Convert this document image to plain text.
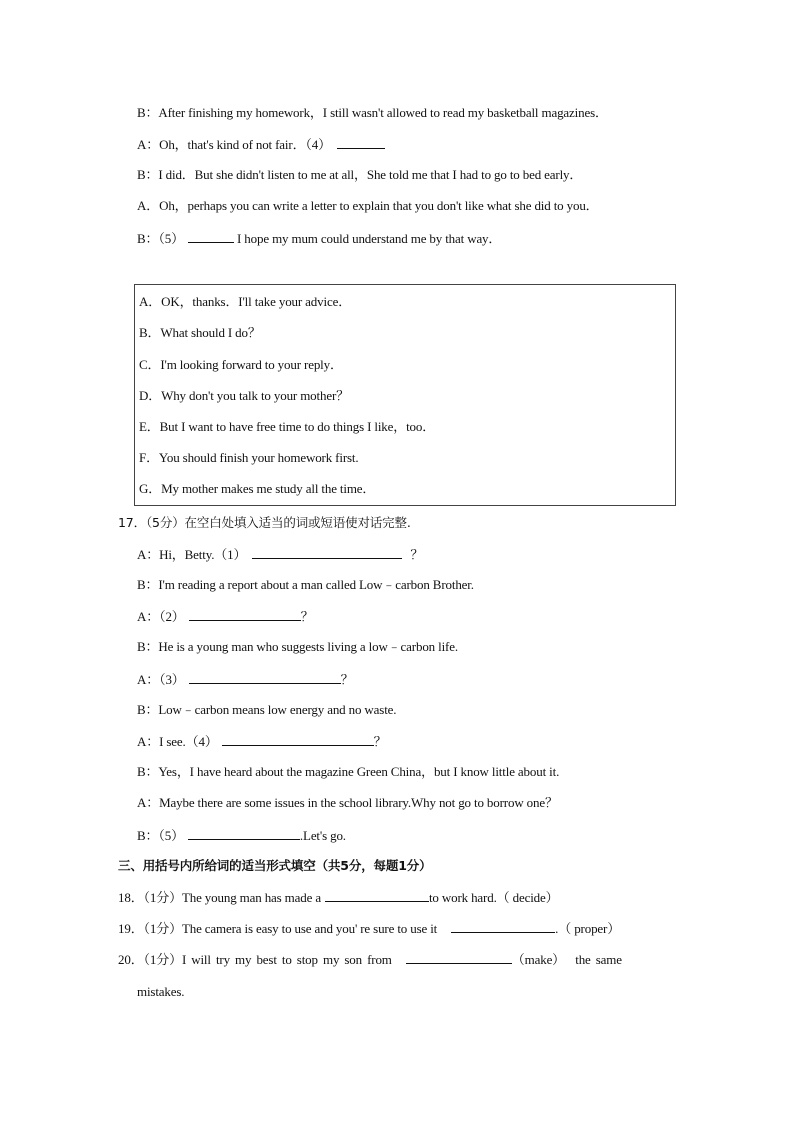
B：After finishing my homework，I still wasn't allowed to read my basketball magazines．
A：Oh，that's kind of not fair．（4）
B：I did．But she didn't listen to me at all，She told me that I had to go to bed early．
A．Oh，perhaps you can write a letter to explain that you don't like what she did to you．
B：（5）	I hope my mum could understand me by that way．
A．OK，thanks．I'll take your advice．
B．What should I do？
C．I'm looking forward to your reply．
D．Why don't you talk to your mother？
E．But I want to have free time to do things I like，too．
F．You should finish your homework first.
G．My mother makes me study all the time．
17．（5分）在空白处填入适当的词或短语使对话完整.
A：Hi，Betty.（1）	？
B：I'm reading a report about a man called Low﹣carbon Brother.
A：（2）	？
B：He is a young man who suggests living a low﹣carbon life.
A：（3）	？
B：Low﹣carbon means low energy and no waste.
A：I see.（4）	？
B：Yes，I have heard about the magazine Green China，but I know little about it.
A：Maybe there are some issues in the school library.Why not go to borrow one？
B：（5）	.Let's go.
三、用括号内所给词的适当形式填空（共5分，每题1分）
18．（1分）The young man has made a	to work hard.（ decide）
19．（1分）The camera is easy to use and you' re sure to use it	.（ proper）
20．（1分）I will try my best to stop my son from	（make）  the same
mistakes.
